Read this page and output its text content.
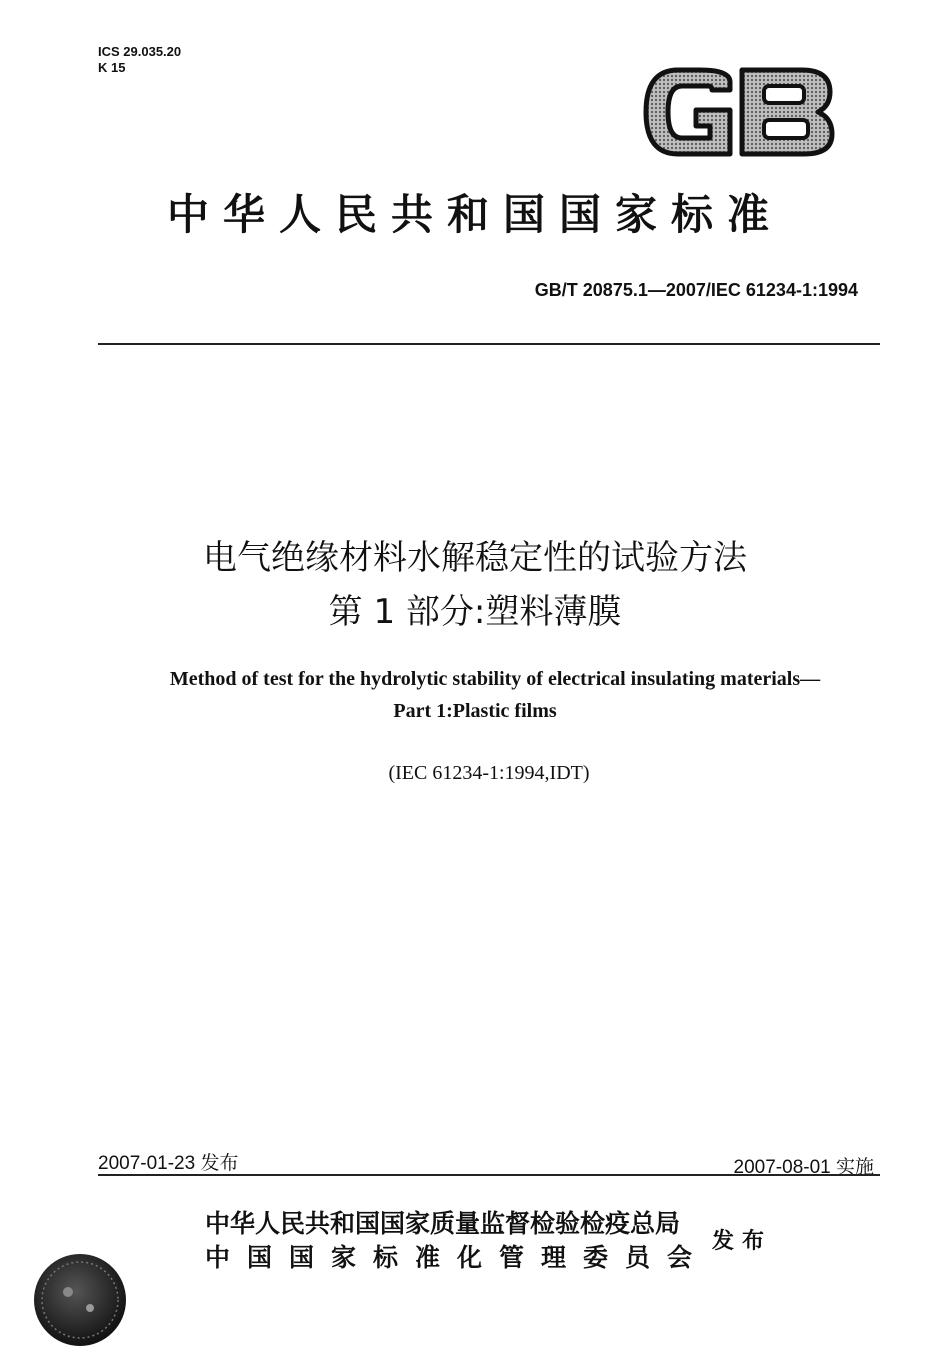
ICS 29.035.20
K 15
中华人民共和国国家标准
GB/T 20875.1—2007/IEC 61234-1:1994
电气绝缘材料水解稳定性的试验方法
第 1 部分:塑料薄膜
Method of test for the hydrolytic stability of electrical insulating materials—
Part 1:Plastic films
(IEC 61234-1:1994,IDT)
2007-01-23 发布	2007-08-01 实施
中华人民共和国国家质量监督检验检疫总局
中国国家标准化管理委员会
发布
